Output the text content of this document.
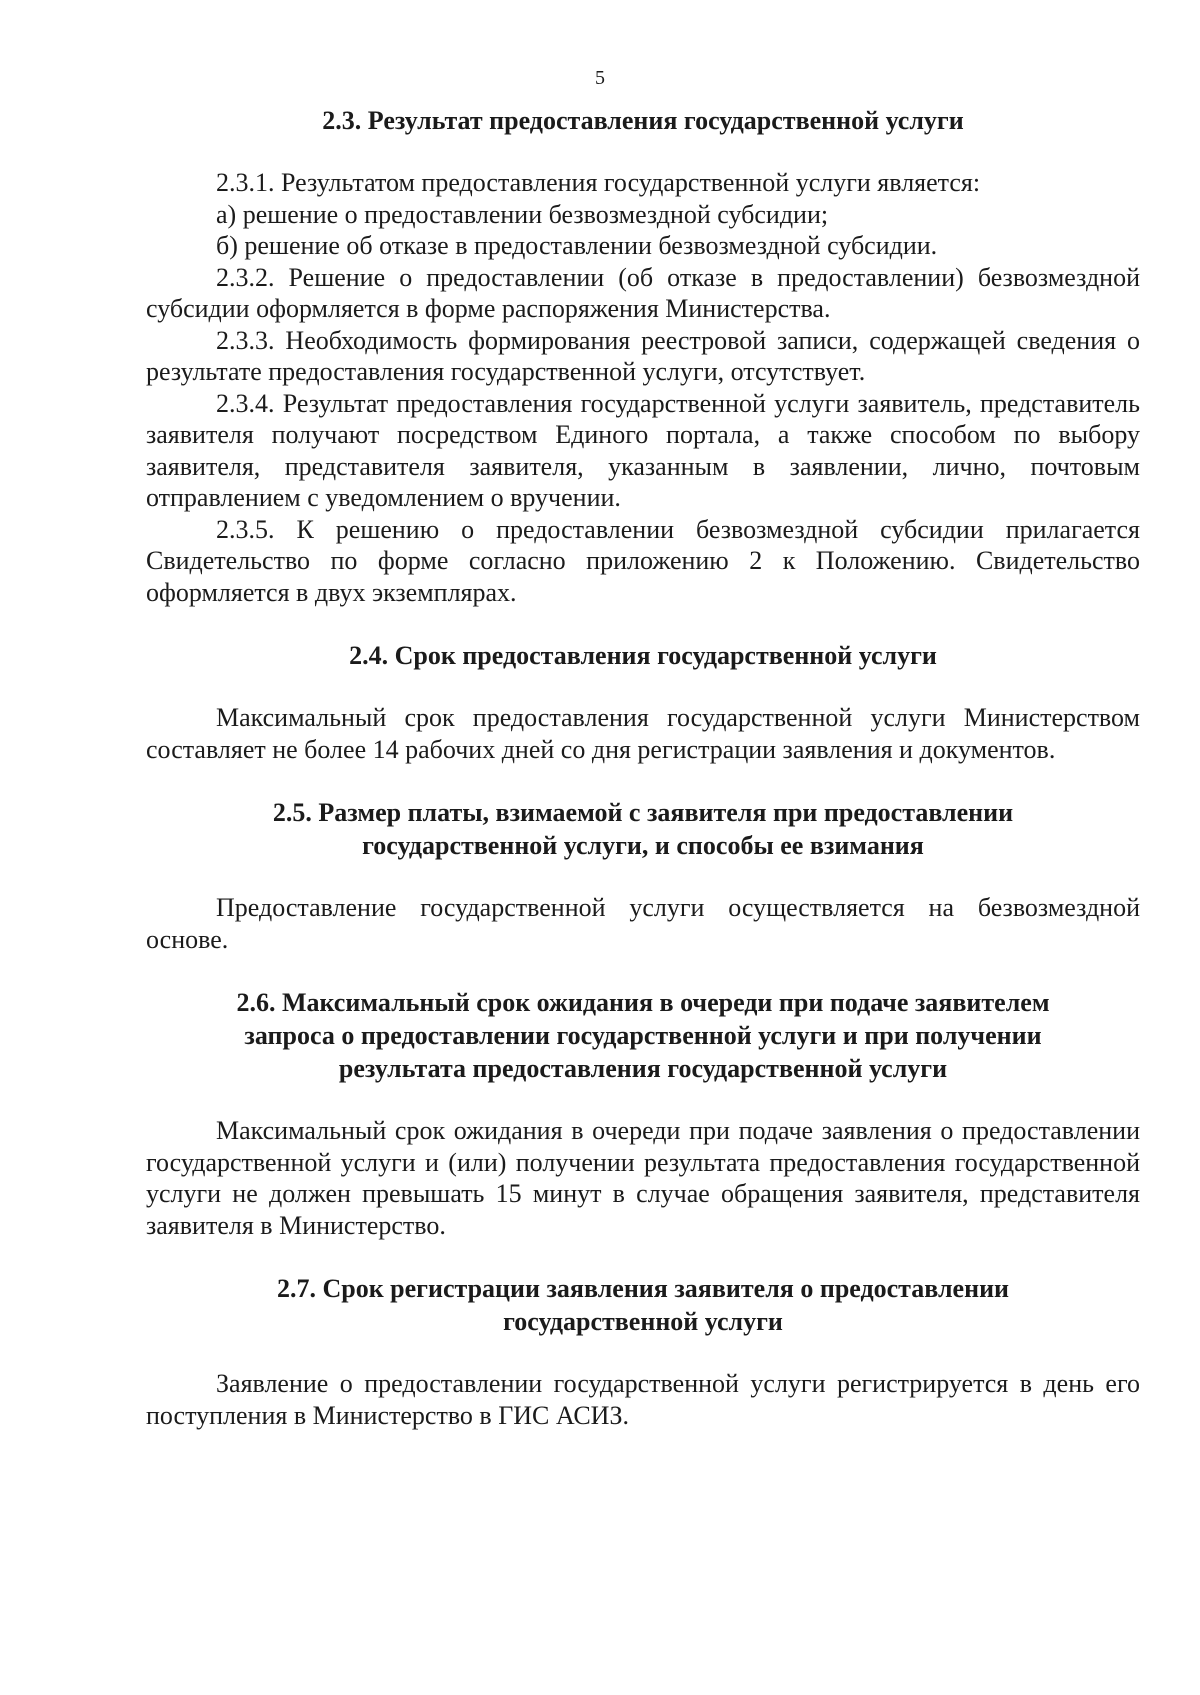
5
2.3. Результат предоставления государственной услуги

2.3.1. Результатом предоставления государственной услуги является:

а) решение о предоставлении безвозмездной субсидии;

б) решение об отказе в предоставлении безвозмездной субсидии.

2.3.2. Решение о предоставлении (об отказе в предоставлении) безвозмездной субсидии оформляется в форме распоряжения Министерства.

2.3.3. Необходимость формирования реестровой записи, содержащей сведения о результате предоставления государственной услуги, отсутствует.

2.3.4. Результат предоставления государственной услуги заявитель, представитель заявителя получают посредством Единого портала, а также способом по выбору заявителя, представителя заявителя, указанным в заявлении, лично, почтовым отправлением с уведомлением о вручении.

2.3.5. К решению о предоставлении безвозмездной субсидии прилагается Свидетельство по форме согласно приложению 2 к Положению. Свидетельство оформляется в двух экземплярах.

2.4. Срок предоставления государственной услуги

Максимальный срок предоставления государственной услуги Министерством составляет не более 14 рабочих дней со дня регистрации заявления и документов.

2.5. Размер платы, взимаемой с заявителя при предоставлении
государственной услуги, и способы ее взимания

Предоставление государственной услуги осуществляется на безвозмездной основе.

2.6. Максимальный срок ожидания в очереди при подаче заявителем
запроса о предоставлении государственной услуги и при получении
результата предоставления государственной услуги

Максимальный срок ожидания в очереди при подаче заявления о предоставлении государственной услуги и (или) получении результата предоставления государственной услуги не должен превышать 15 минут в случае обращения заявителя, представителя заявителя в Министерство.

2.7. Срок регистрации заявления заявителя о предоставлении
государственной услуги

Заявление о предоставлении государственной услуги регистрируется в день его поступления в Министерство в ГИС АСИЗ.
